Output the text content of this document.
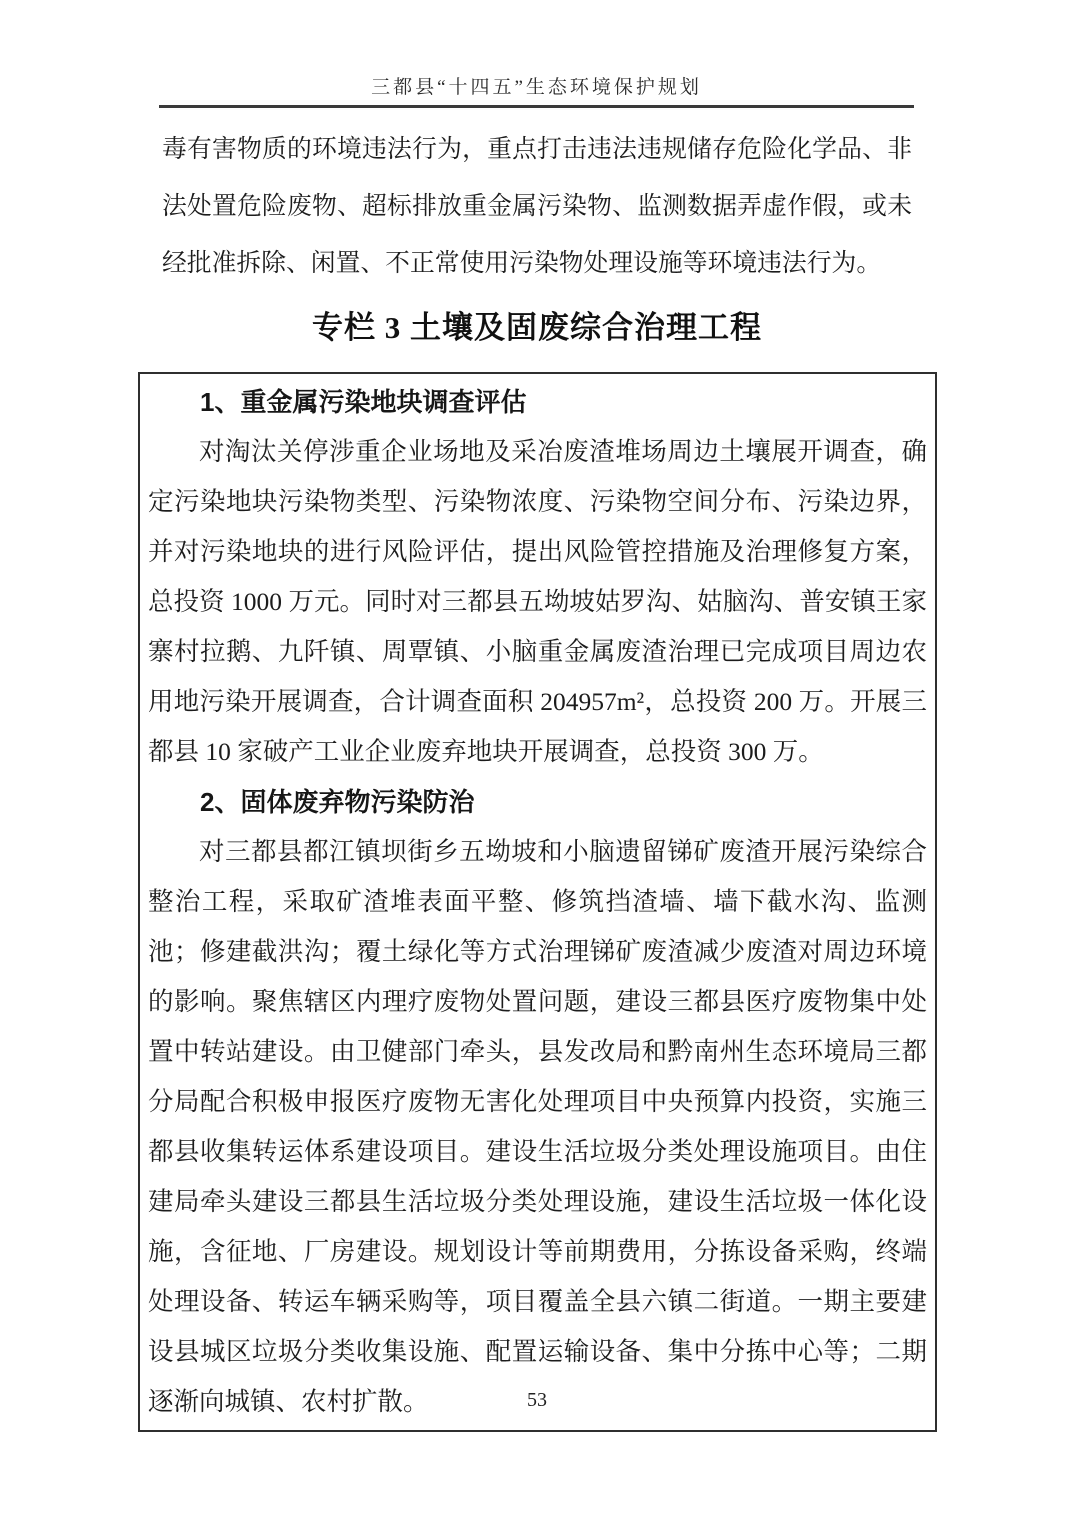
三都县“十四五”生态环境保护规划
毒有害物质的环境违法行为，重点打击违法违规储存危险化学品、非法处置危险废物、超标排放重金属污染物、监测数据弄虚作假，或未经批准拆除、闲置、不正常使用污染物处理设施等环境违法行为。
专栏 3 土壤及固废综合治理工程

1、重金属污染地块调查评估

对淘汰关停涉重企业场地及采冶废渣堆场周边土壤展开调查，确定污染地块污染物类型、污染物浓度、污染物空间分布、污染边界，并对污染地块的进行风险评估，提出风险管控措施及治理修复方案，总投资 1000 万元。同时对三都县五坳坡姑罗沟、姑脑沟、普安镇王家寨村拉鹅、九阡镇、周覃镇、小脑重金属废渣治理已完成项目周边农用地污染开展调查，合计调查面积 204957m²，总投资 200 万。开展三都县 10 家破产工业企业废弃地块开展调查，总投资 300 万。

2、固体废弃物污染防治

对三都县都江镇坝街乡五坳坡和小脑遗留锑矿废渣开展污染综合整治工程，采取矿渣堆表面平整、修筑挡渣墙、墙下截水沟、监测池；修建截洪沟；覆土绿化等方式治理锑矿废渣减少废渣对周边环境的影响。聚焦辖区内理疗废物处置问题，建设三都县医疗废物集中处置中转站建设。由卫健部门牵头，县发改局和黔南州生态环境局三都分局配合积极申报医疗废物无害化处理项目中央预算内投资，实施三都县收集转运体系建设项目。建设生活垃圾分类处理设施项目。由住建局牵头建设三都县生活垃圾分类处理设施，建设生活垃圾一体化设施，含征地、厂房建设。规划设计等前期费用，分拣设备采购，终端处理设备、转运车辆采购等，项目覆盖全县六镇二街道。一期主要建设县城区垃圾分类收集设施、配置运输设备、集中分拣中心等；二期逐渐向城镇、农村扩散。	53
